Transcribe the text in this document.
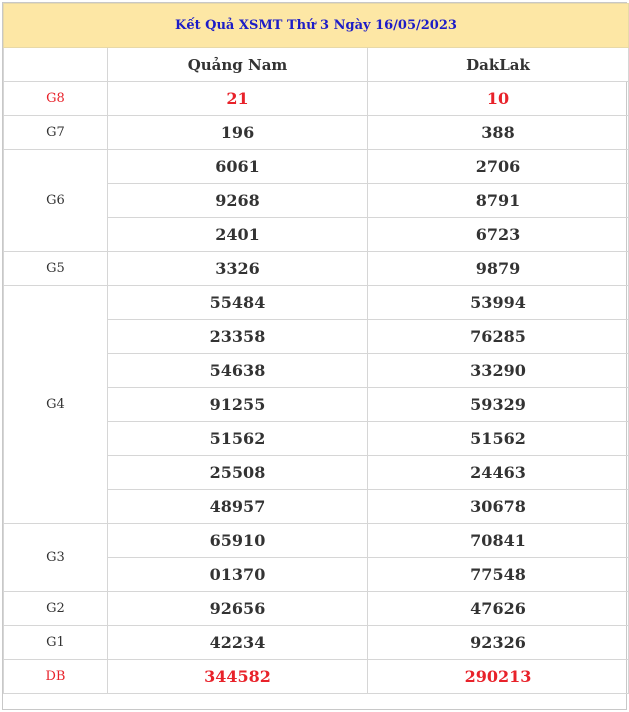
Kết Quả XSMT Thứ 3 Ngày 16/05/2023		
	Quảng Nam	DakLak
G8	21	10
G7	196	388
G6	6061	2706
	9268	8791
	2401	6723
G5	3326	9879
G4	55484	53994
	23358	76285
	54638	33290
	91255	59329
	51562	51562
	25508	24463
	48957	30678
G3	65910	70841
	01370	77548
G2	92656	47626
G1	42234	92326
DB	344582	290213
